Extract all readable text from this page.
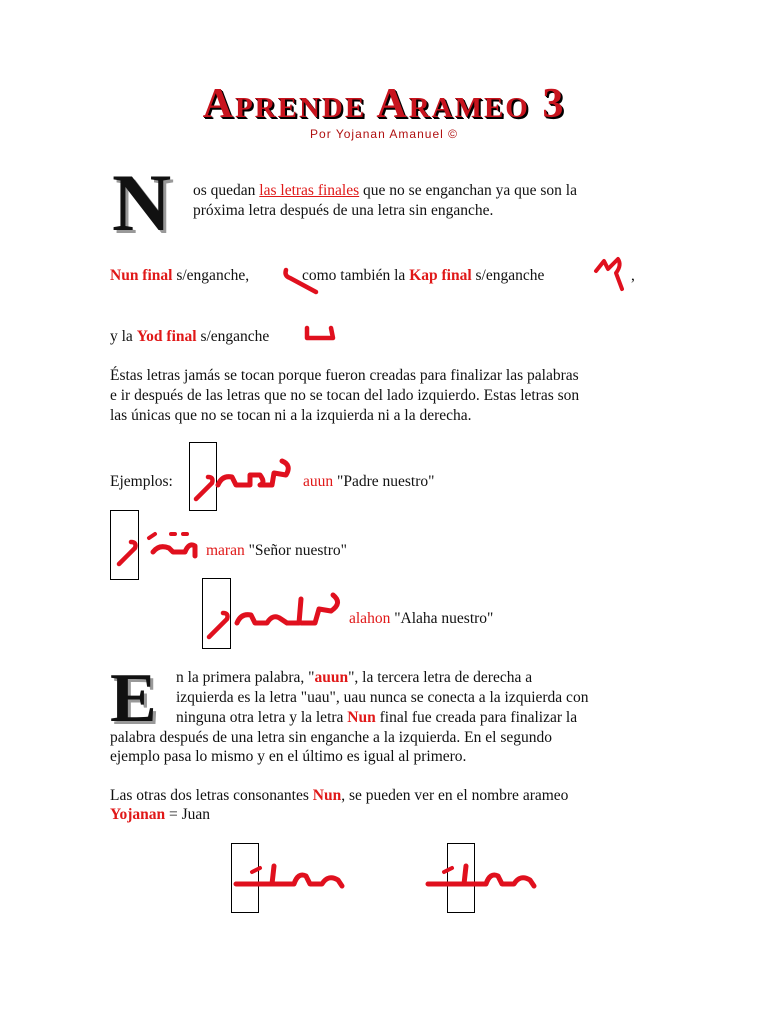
Aprende Arameo 3
Por Yojanan Amanuel ©
N os quedan las letras finales que no se enganchan ya que son la
próxima letra después de una letra sin enganche.
Nun final s/enganche,	como también la Kap final s/enganche	,
y la Yod final s/enganche
Éstas letras jamás se tocan porque fueron creadas para finalizar las palabras
e ir después de las letras que no se tocan del lado izquierdo. Estas letras son
las únicas que no se tocan ni a la izquierda ni a la derecha.
Ejemplos:	auun "Padre nuestro"
maran "Señor nuestro"
alahon "Alaha nuestro"
E n la primera palabra, "auun", la tercera letra de derecha a
izquierda es la letra "uau", uau nunca se conecta a la izquierda con
ninguna otra letra y la letra Nun final fue creada para finalizar la
palabra después de una letra sin enganche a la izquierda. En el segundo
ejemplo pasa lo mismo y en el último es igual al primero.
Las otras dos letras consonantes Nun, se pueden ver en el nombre arameo
Yojanan = Juan
